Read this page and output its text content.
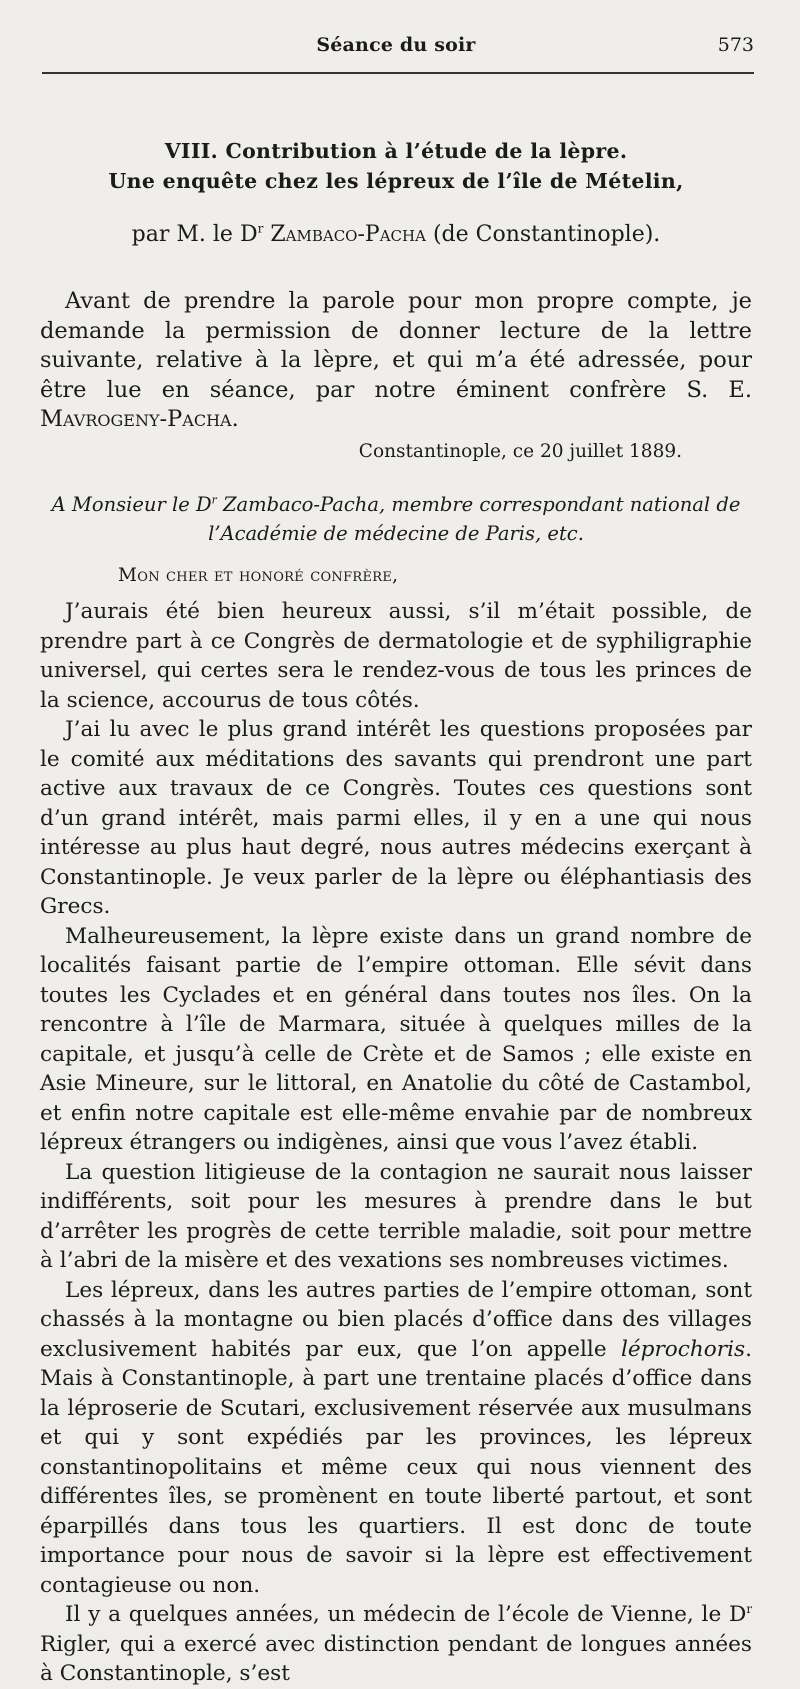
Séance du soir	573
VIII. Contribution à l’étude de la lèpre.
Une enquête chez les lépreux de l’île de Mételin,
par M. le $D^r$ Zambaco-Pacha (de Constantinople).

Avant de prendre la parole pour mon propre compte, je demande la permission de donner lecture de la lettre suivante, relative à la lèpre, et qui m’a été adressée, pour être lue en séance, par notre éminent confrère S. E. Mavrogeny-Pacha.

Constantinople, ce 20 juillet 1889.
A Monsieur le $D^r$ Zambaco-Pacha, membre correspondant national de l’Académie de médecine de Paris, etc.
Mon cher et honoré confrère,

J’aurais été bien heureux aussi, s’il m’était possible, de prendre part à ce Congrès de dermatologie et de syphiligraphie universel, qui certes sera le rendez-vous de tous les princes de la science, accourus de tous côtés.

J’ai lu avec le plus grand intérêt les questions proposées par le comité aux méditations des savants qui prendront une part active aux travaux de ce Congrès. Toutes ces questions sont d’un grand intérêt, mais parmi elles, il y en a une qui nous intéresse au plus haut degré, nous autres médecins exerçant à Constantinople. Je veux parler de la lèpre ou éléphantiasis des Grecs.

Malheureusement, la lèpre existe dans un grand nombre de localités faisant partie de l’empire ottoman. Elle sévit dans toutes les Cyclades et en général dans toutes nos îles. On la rencontre à l’île de Marmara, située à quelques milles de la capitale, et jusqu’à celle de Crète et de Samos ; elle existe en Asie Mineure, sur le littoral, en Anatolie du côté de Castambol, et enfin notre capitale est elle-même envahie par de nombreux lépreux étrangers ou indigènes, ainsi que vous l’avez établi.

La question litigieuse de la contagion ne saurait nous laisser indifférents, soit pour les mesures à prendre dans le but d’arrêter les progrès de cette terrible maladie, soit pour mettre à l’abri de la misère et des vexations ses nombreuses victimes.

Les lépreux, dans les autres parties de l’empire ottoman, sont chassés à la montagne ou bien placés d’office dans des villages exclusivement habités par eux, que l’on appelle léprochoris. Mais à Constantinople, à part une trentaine placés d’office dans la léproserie de Scutari, exclusivement réservée aux musulmans et qui y sont expédiés par les provinces, les lépreux constantinopolitains et même ceux qui nous viennent des différentes îles, se promènent en toute liberté partout, et sont éparpillés dans tous les quartiers. Il est donc de toute importance pour nous de savoir si la lèpre est effectivement contagieuse ou non.

Il y a quelques années, un médecin de l’école de Vienne, le $D^r$ Rigler, qui a exercé avec distinction pendant de longues années à Constantinople, s’est
